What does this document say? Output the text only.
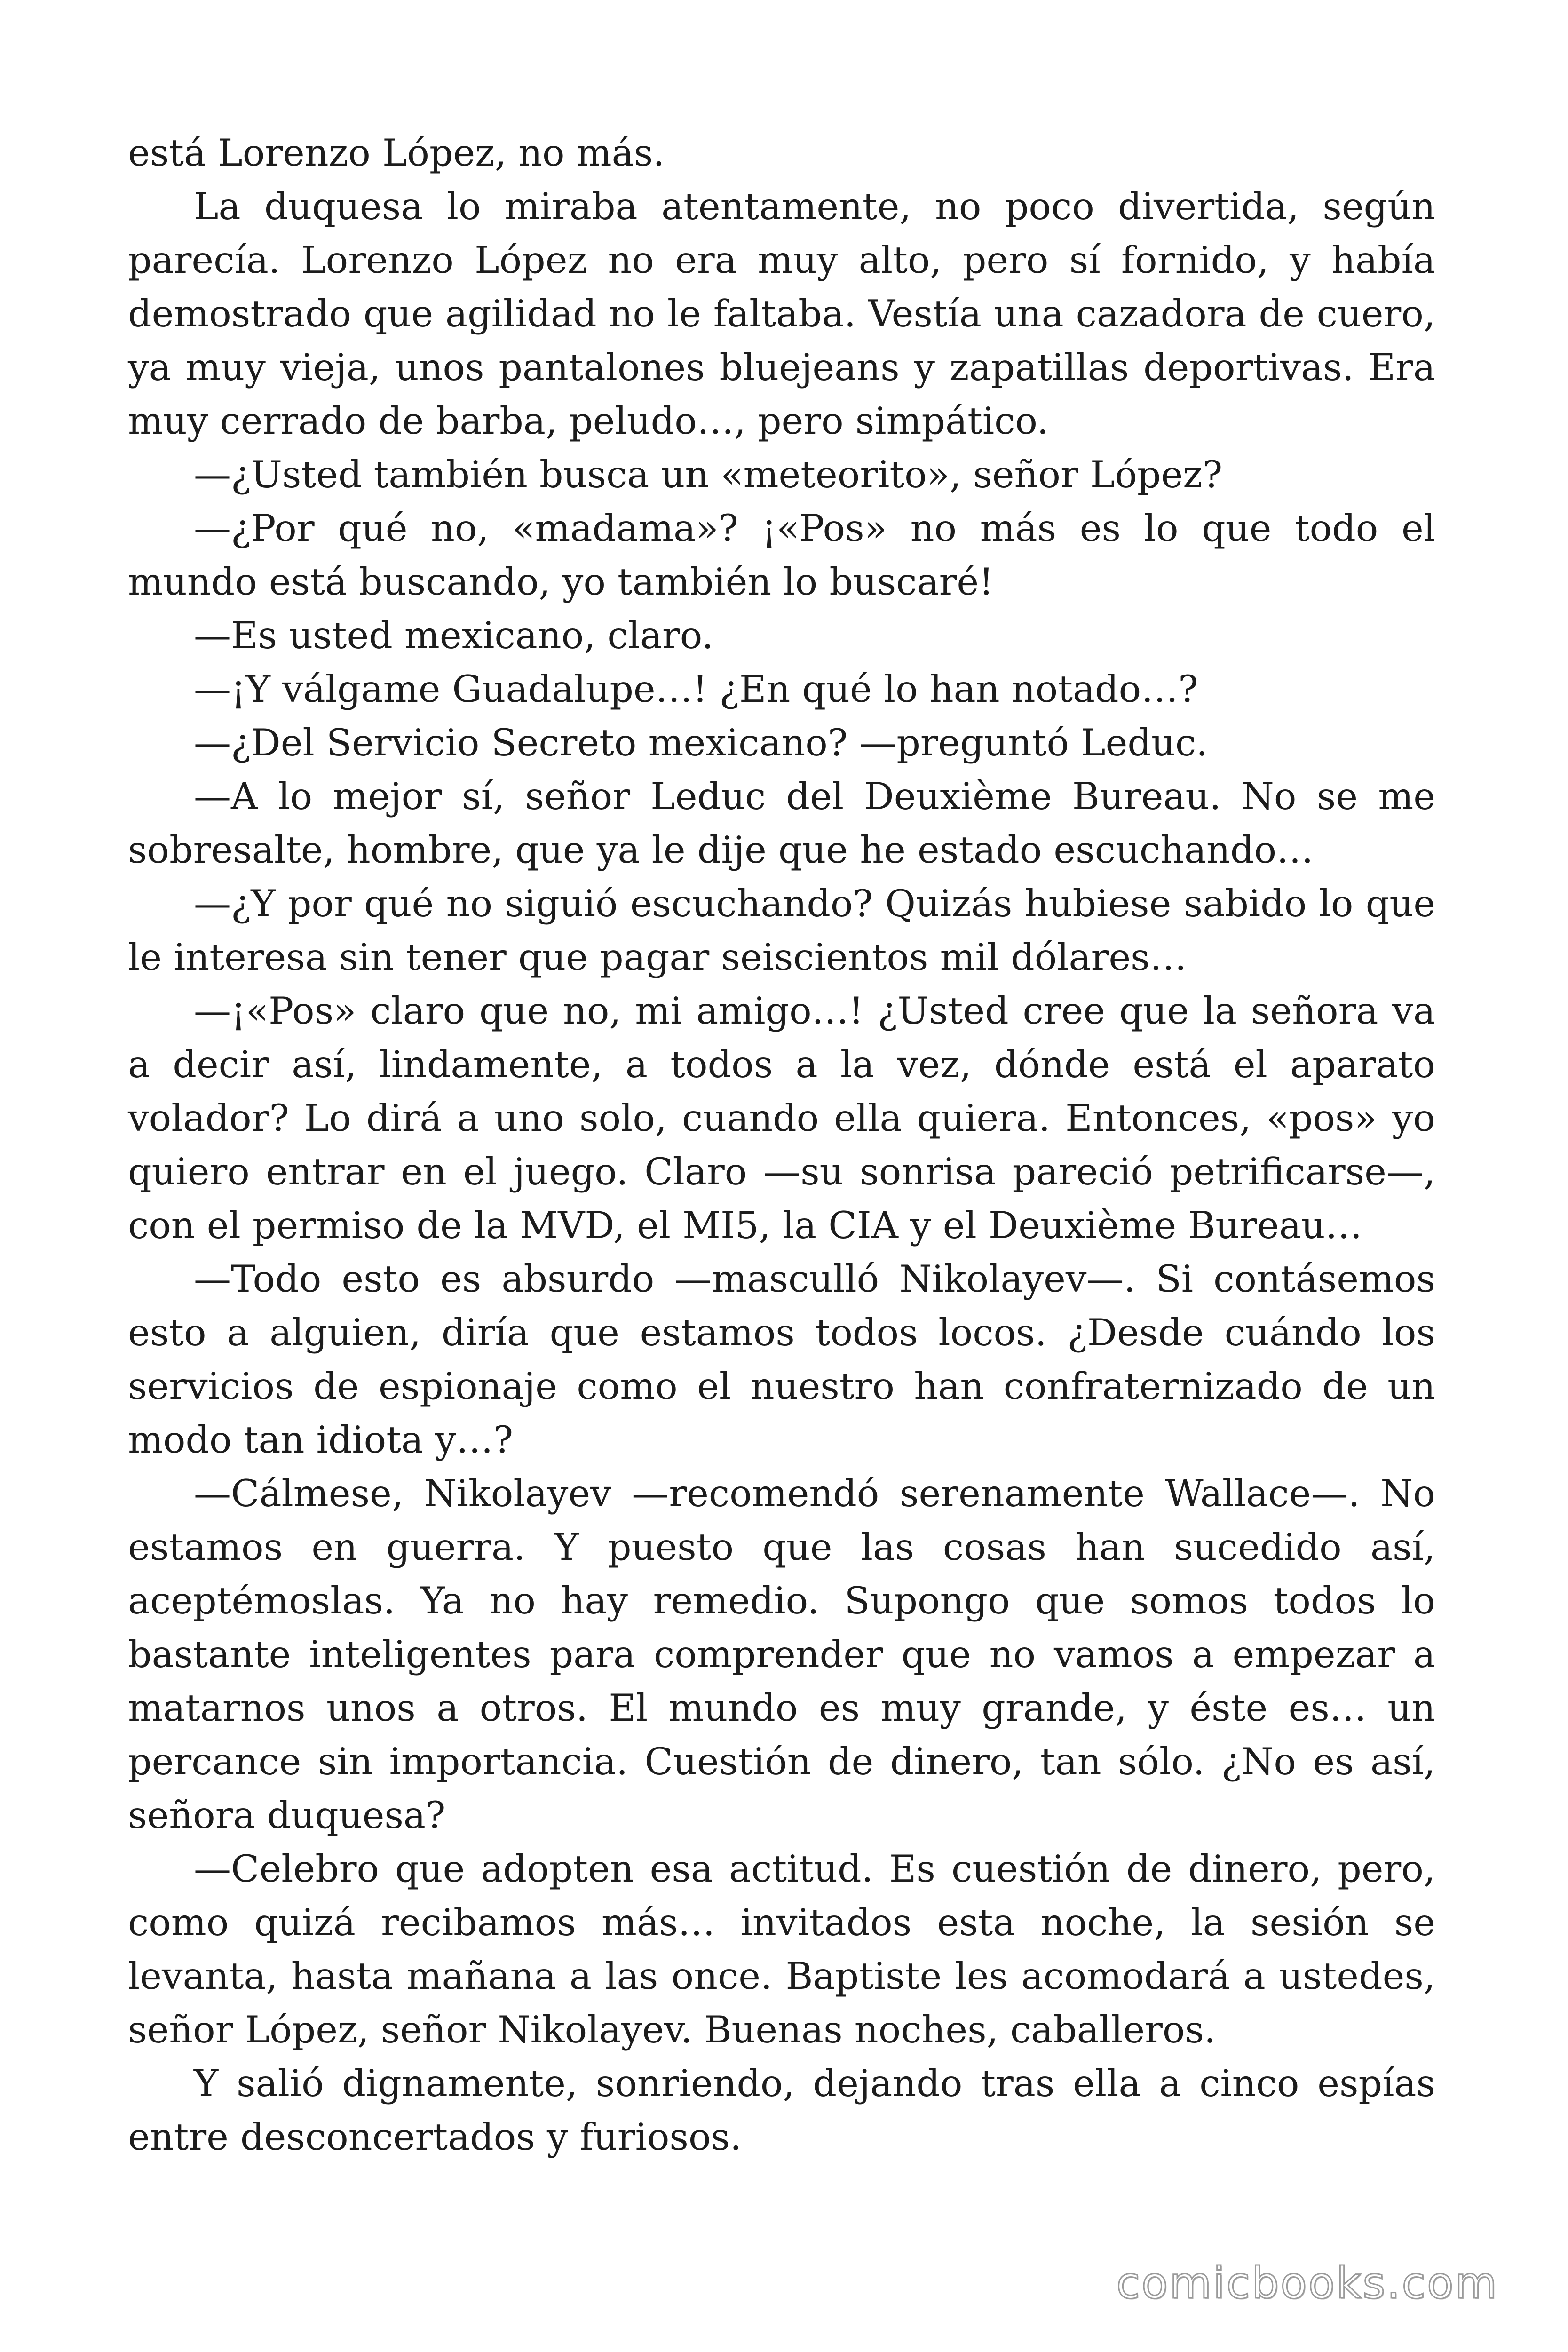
está Lorenzo López, no más.

La duquesa lo miraba atentamente, no poco divertida, según parecía. Lorenzo López no era muy alto, pero sí fornido, y había demostrado que agilidad no le faltaba. Vestía una cazadora de cuero, ya muy vieja, unos pantalones bluejeans y zapatillas deportivas. Era muy cerrado de barba, peludo…, pero simpático.

—¿Usted también busca un «meteorito», señor López?

—¿Por qué no, «madama»? ¡«Pos» no más es lo que todo el mundo está buscando, yo también lo buscaré!

—Es usted mexicano, claro.

—¡Y válgame Guadalupe…! ¿En qué lo han notado…?

—¿Del Servicio Secreto mexicano? —preguntó Leduc.

—A lo mejor sí, señor Leduc del Deuxième Bureau. No se me sobresalte, hombre, que ya le dije que he estado escuchando…

—¿Y por qué no siguió escuchando? Quizás hubiese sabido lo que le interesa sin tener que pagar seiscientos mil dólares…

—¡«Pos» claro que no, mi amigo…! ¿Usted cree que la señora va a decir así, lindamente, a todos a la vez, dónde está el aparato volador? Lo dirá a uno solo, cuando ella quiera. Entonces, «pos» yo quiero entrar en el juego. Claro —su sonrisa pareció petrificarse—, con el permiso de la MVD, el MI5, la CIA y el Deuxième Bureau…

—Todo esto es absurdo —masculló Nikolayev—. Si contásemos esto a alguien, diría que estamos todos locos. ¿Desde cuándo los servicios de espionaje como el nuestro han confraternizado de un modo tan idiota y…?

—Cálmese, Nikolayev —recomendó serenamente Wallace—. No estamos en guerra. Y puesto que las cosas han sucedido así, aceptémoslas. Ya no hay remedio. Supongo que somos todos lo bastante inteligentes para comprender que no vamos a empezar a matarnos unos a otros. El mundo es muy grande, y éste es… un percance sin importancia. Cuestión de dinero, tan sólo. ¿No es así, señora duquesa?

—Celebro que adopten esa actitud. Es cuestión de dinero, pero, como quizá recibamos más… invitados esta noche, la sesión se levanta, hasta mañana a las once. Baptiste les acomodará a ustedes, señor López, señor Nikolayev. Buenas noches, caballeros.

Y salió dignamente, sonriendo, dejando tras ella a cinco espías entre desconcertados y furiosos.

comicbooks.com
